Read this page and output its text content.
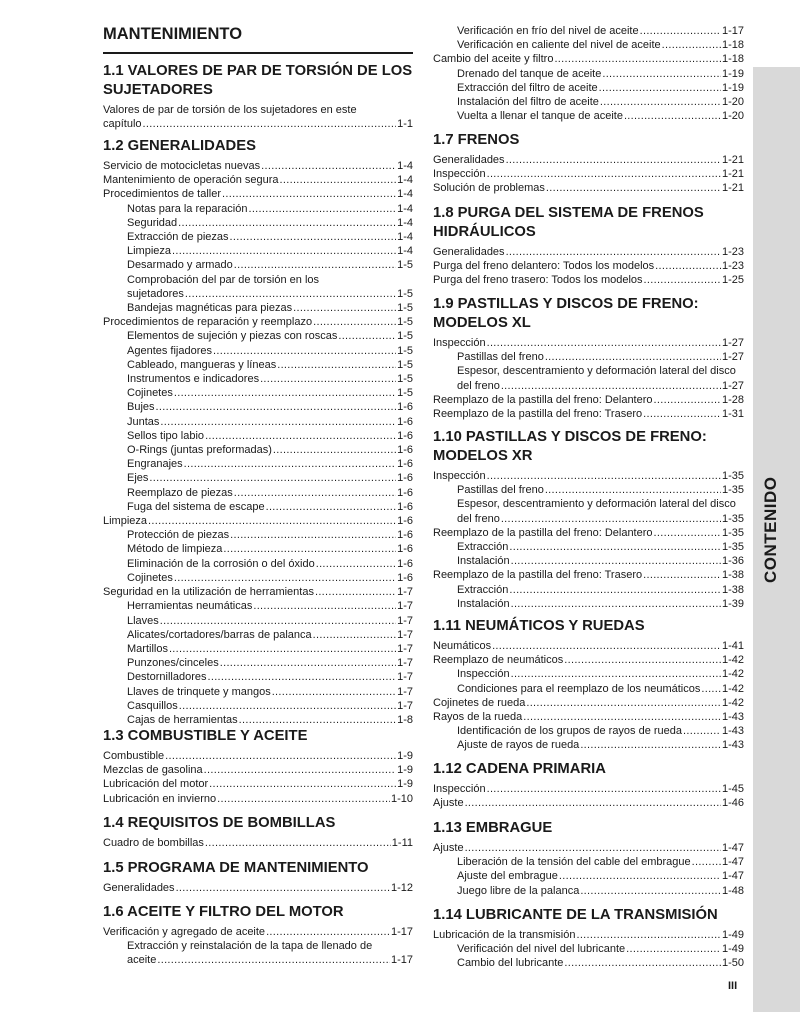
MANTENIMIENTO
CONTENIDO
III
1.1 VALORES DE PAR DE TORSIÓN DE LOS
SUJETADORES
Valores de par de torsión de los sujetadores en este
capítulo .....	1-1
1.2 GENERALIDADES
Servicio de motocicletas nuevas .....	1-4
Mantenimiento de operación segura .....	1-4
Procedimientos de taller .....	1-4
Notas para la reparación .....	1-4
Seguridad .....	1-4
Extracción de piezas .....	1-4
Limpieza .....	1-4
Desarmado y armado .....	1-5
Comprobación del par de torsión en los
sujetadores .....	1-5
Bandejas magnéticas para piezas .....	1-5
Procedimientos de reparación y reemplazo .....	1-5
Elementos de sujeción y piezas con roscas .....	1-5
Agentes fijadores .....	1-5
Cableado, mangueras y líneas .....	1-5
Instrumentos e indicadores .....	1-5
Cojinetes .....	1-5
Bujes .....	1-6
Juntas .....	1-6
Sellos tipo labio .....	1-6
O-Rings (juntas preformadas) .....	1-6
Engranajes .....	1-6
Ejes .....	1-6
Reemplazo de piezas .....	1-6
Fuga del sistema de escape .....	1-6
Limpieza .....	1-6
Protección de piezas .....	1-6
Método de limpieza .....	1-6
Eliminación de la corrosión o del óxido .....	1-6
Cojinetes .....	1-6
Seguridad en la utilización de herramientas .....	1-7
Herramientas neumáticas .....	1-7
Llaves .....	1-7
Alicates/cortadores/barras de palanca .....	1-7
Martillos .....	1-7
Punzones/cinceles .....	1-7
Destornilladores .....	1-7
Llaves de trinquete y mangos .....	1-7
Casquillos .....	1-7
Cajas de herramientas .....	1-8
1.3 COMBUSTIBLE Y ACEITE
Combustible .....	1-9
Mezclas de gasolina .....	1-9
Lubricación del motor .....	1-9
Lubricación en invierno .....	1-10
1.4 REQUISITOS DE BOMBILLAS
Cuadro de bombillas .....	1-11
1.5 PROGRAMA DE MANTENIMIENTO
Generalidades .....	1-12
1.6 ACEITE Y FILTRO DEL MOTOR
Verificación y agregado de aceite .....	1-17
Extracción y reinstalación de la tapa de llenado de
aceite .....	1-17
Verificación en frío del nivel de aceite .....	1-17
Verificación en caliente del nivel de aceite .....	1-18
Cambio del aceite y filtro .....	1-18
Drenado del tanque de aceite .....	1-19
Extracción del filtro de aceite .....	1-19
Instalación del filtro de aceite .....	1-20
Vuelta a llenar el tanque de aceite .....	1-20
1.7 FRENOS
Generalidades .....	1-21
Inspección .....	1-21
Solución de problemas .....	1-21
1.8 PURGA DEL SISTEMA DE FRENOS
HIDRÁULICOS
Generalidades .....	1-23
Purga del freno delantero: Todos los modelos .....	1-23
Purga del freno trasero: Todos los modelos .....	1-25
1.9 PASTILLAS Y DISCOS DE FRENO:
MODELOS XL
Inspección .....	1-27
Pastillas del freno .....	1-27
Espesor, descentramiento y deformación lateral del disco
del freno .....	1-27
Reemplazo de la pastilla del freno: Delantero .....	1-28
Reemplazo de la pastilla del freno: Trasero .....	1-31
1.10 PASTILLAS Y DISCOS DE FRENO:
MODELOS XR
Inspección .....	1-35
Pastillas del freno .....	1-35
Espesor, descentramiento y deformación lateral del disco
del freno .....	1-35
Reemplazo de la pastilla del freno: Delantero .....	1-35
Extracción .....	1-35
Instalación .....	1-36
Reemplazo de la pastilla del freno: Trasero .....	1-38
Extracción .....	1-38
Instalación .....	1-39
1.11 NEUMÁTICOS Y RUEDAS
Neumáticos .....	1-41
Reemplazo de neumáticos .....	1-42
Inspección .....	1-42
Condiciones para el reemplazo de los neumáticos ..... 1-42
Cojinetes de rueda .....	1-42
Rayos de la rueda .....	1-43
Identificación de los grupos de rayos de rueda .....	1-43
Ajuste de rayos de rueda .....	1-43
1.12 CADENA PRIMARIA
Inspección .....	1-45
Ajuste .....	1-46
1.13 EMBRAGUE
Ajuste .....	1-47
Liberación de la tensión del cable del embrague .....	1-47
Ajuste del embrague .....	1-47
Juego libre de la palanca .....	1-48
1.14 LUBRICANTE DE LA TRANSMISIÓN
Lubricación de la transmisión .....	1-49
Verificación del nivel del lubricante .....	1-49
Cambio del lubricante .....	1-50
